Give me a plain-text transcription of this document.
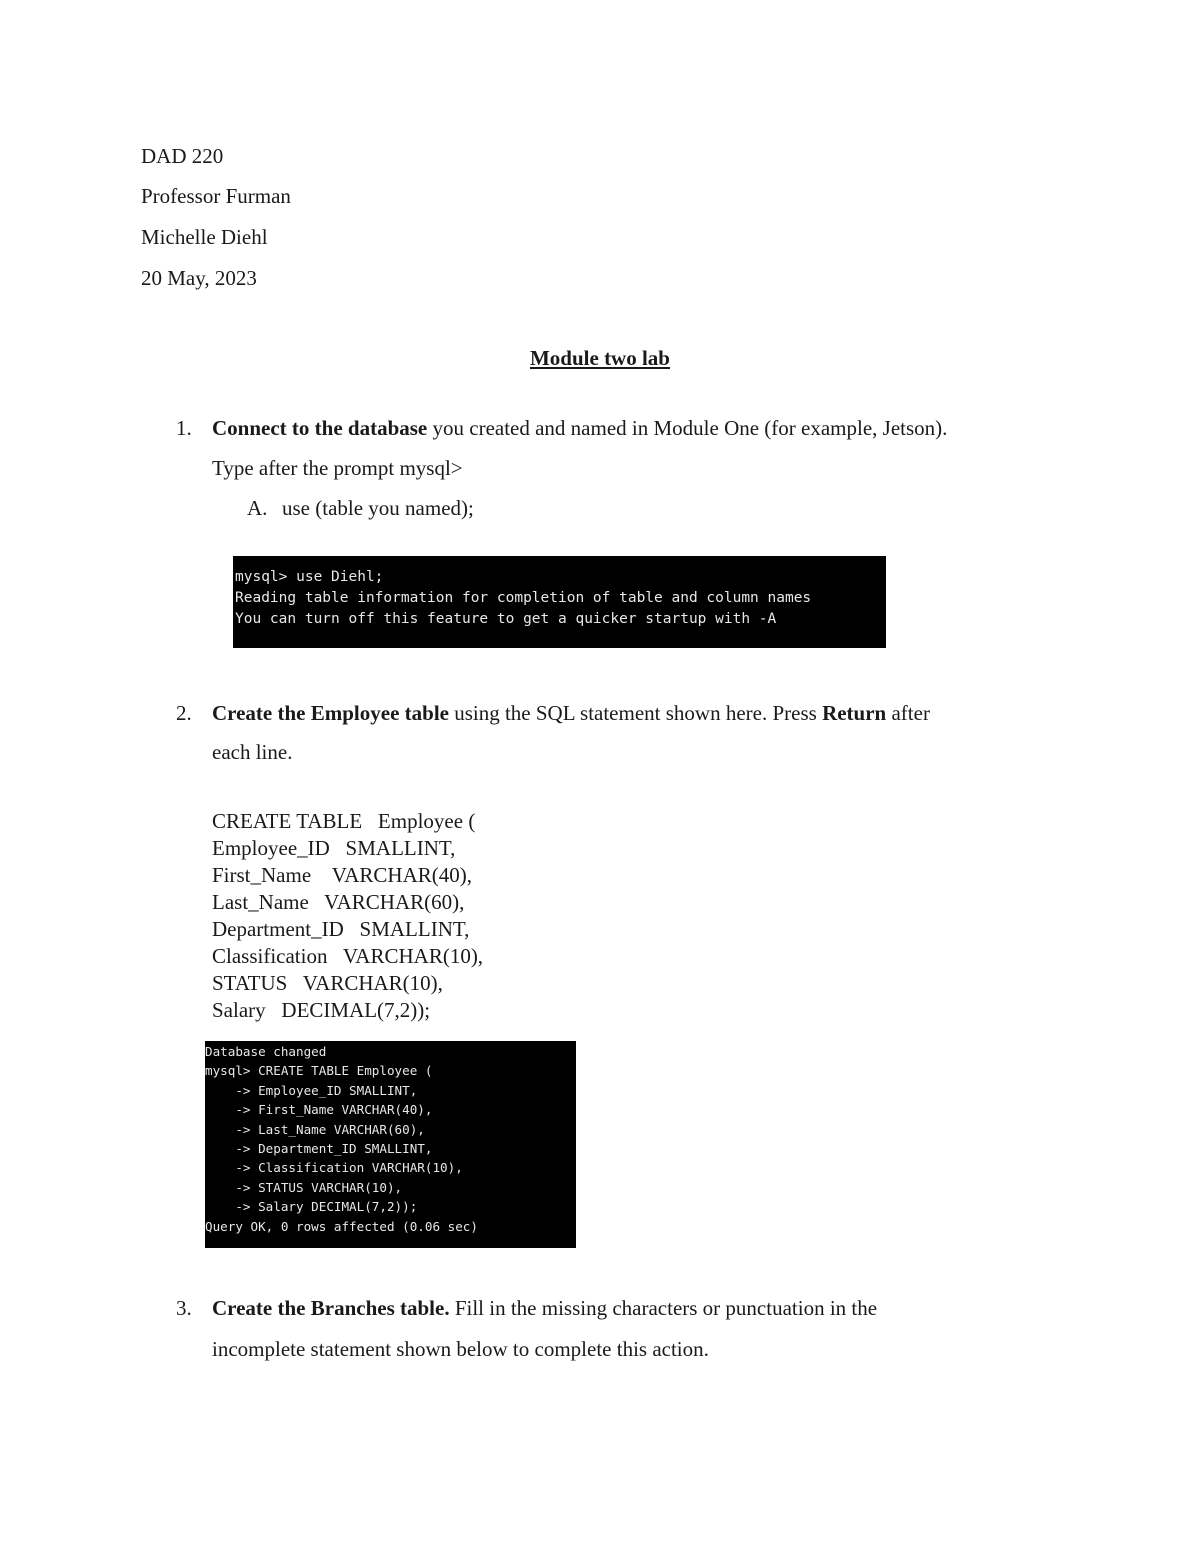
DAD 220
Professor Furman
Michelle Diehl
20 May, 2023
Module two lab
1. Connect to the database you created and named in Module One (for example, Jetson).
Type after the prompt mysql>
A. use (table you named);
mysql> use Diehl;
Reading table information for completion of table and column names
You can turn off this feature to get a quicker startup with -A
2. Create the Employee table using the SQL statement shown here. Press Return after
each line.
CREATE TABLE   Employee (
Employee_ID   SMALLINT,
First_Name    VARCHAR(40),
Last_Name   VARCHAR(60),
Department_ID   SMALLINT,
Classification   VARCHAR(10),
STATUS   VARCHAR(10),
Salary   DECIMAL(7,2));
Database changed
mysql> CREATE TABLE Employee (
-> Employee_ID SMALLINT,
-> First_Name VARCHAR(40),
-> Last_Name VARCHAR(60),
-> Department_ID SMALLINT,
-> Classification VARCHAR(10),
-> STATUS VARCHAR(10),
-> Salary DECIMAL(7,2));
Query OK, 0 rows affected (0.06 sec)
3. Create the Branches table. Fill in the missing characters or punctuation in the
incomplete statement shown below to complete this action.
